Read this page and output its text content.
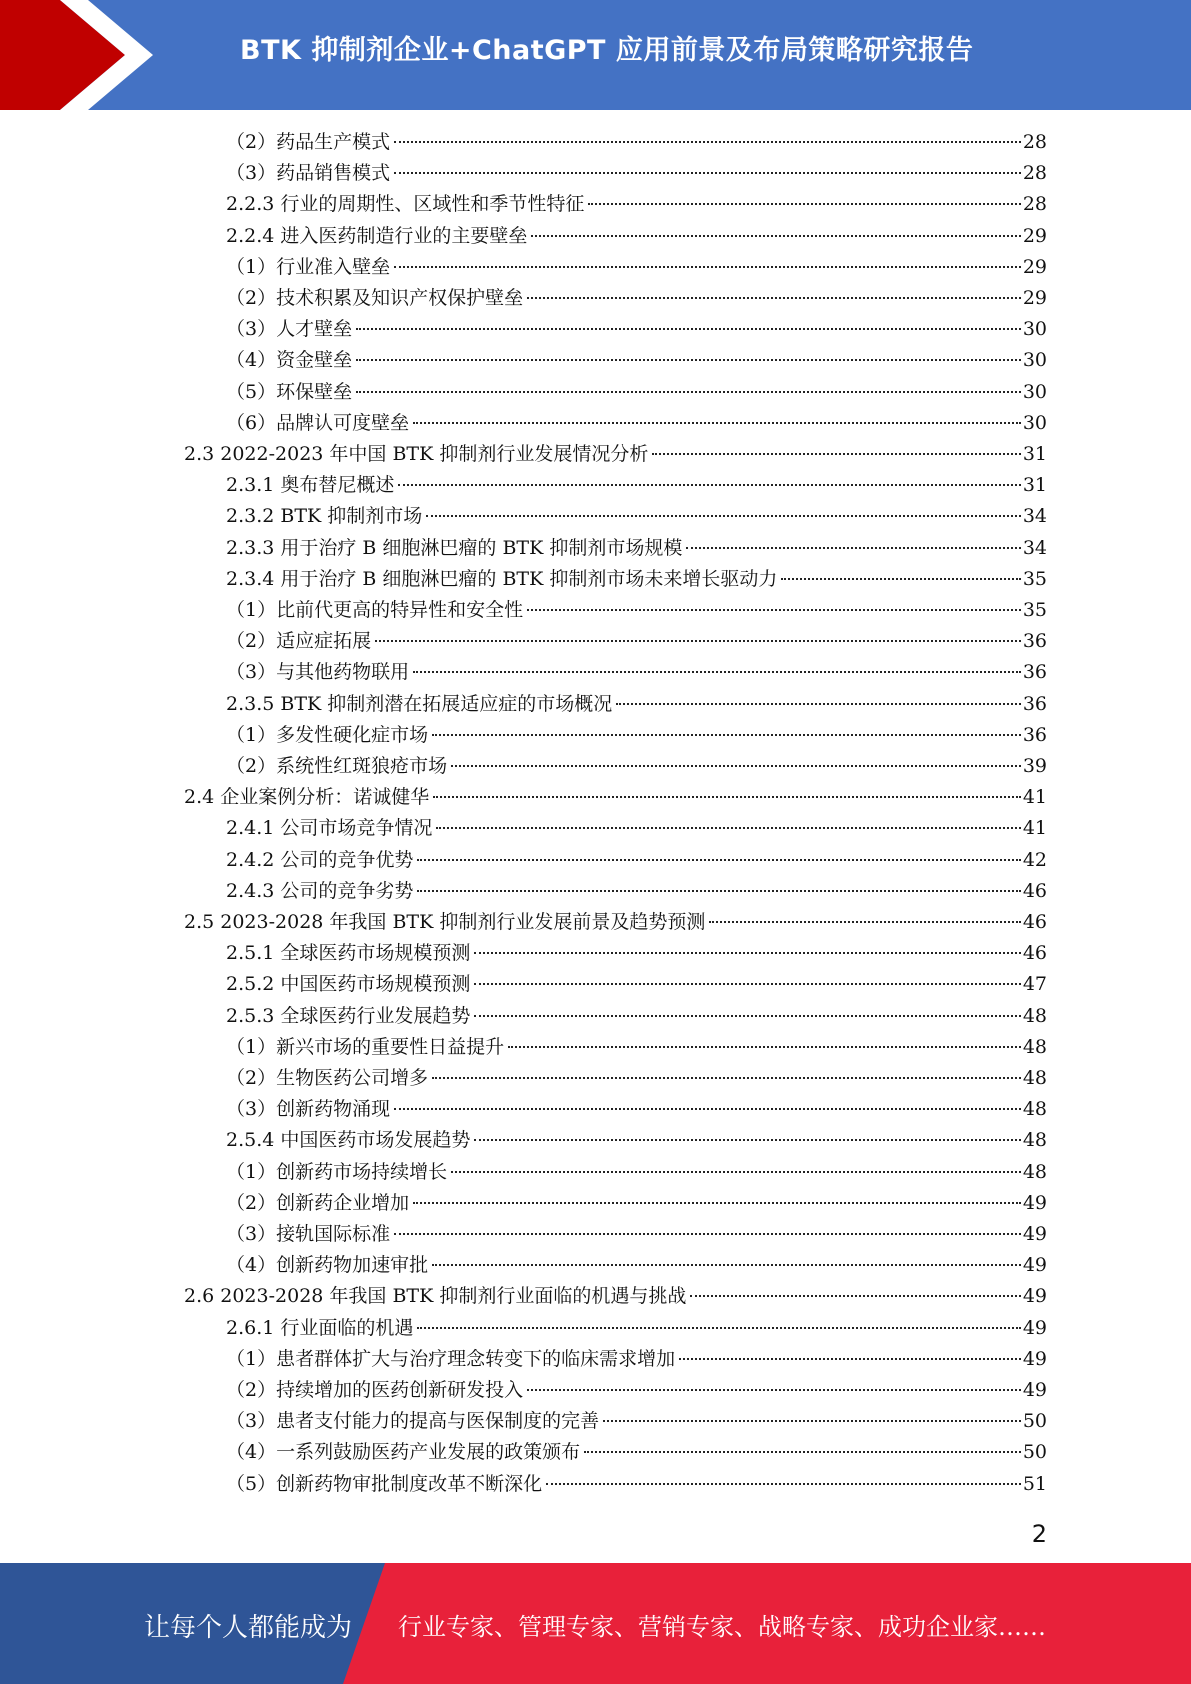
BTK 抑制剂企业+ChatGPT 应用前景及布局策略研究报告
（2）药品生产模式	28
（3）药品销售模式	28
2.2.3 行业的周期性、区域性和季节性特征	28
2.2.4 进入医药制造行业的主要壁垒	29
（1）行业准入壁垒	29
（2）技术积累及知识产权保护壁垒	29
（3）人才壁垒	30
（4）资金壁垒	30
（5）环保壁垒	30
（6）品牌认可度壁垒	30
2.3 2022-2023 年中国 BTK 抑制剂行业发展情况分析	31
2.3.1 奥布替尼概述	31
2.3.2 BTK 抑制剂市场	34
2.3.3 用于治疗 B 细胞淋巴瘤的 BTK 抑制剂市场规模	34
2.3.4 用于治疗 B 细胞淋巴瘤的 BTK 抑制剂市场未来增长驱动力	35
（1）比前代更高的特异性和安全性	35
（2）适应症拓展	36
（3）与其他药物联用	36
2.3.5 BTK 抑制剂潜在拓展适应症的市场概况	36
（1）多发性硬化症市场	36
（2）系统性红斑狼疮市场	39
2.4 企业案例分析：诺诚健华	41
2.4.1 公司市场竞争情况	41
2.4.2 公司的竞争优势	42
2.4.3 公司的竞争劣势	46
2.5 2023-2028 年我国 BTK 抑制剂行业发展前景及趋势预测	46
2.5.1 全球医药市场规模预测	46
2.5.2 中国医药市场规模预测	47
2.5.3 全球医药行业发展趋势	48
（1）新兴市场的重要性日益提升	48
（2）生物医药公司增多	48
（3）创新药物涌现	48
2.5.4 中国医药市场发展趋势	48
（1）创新药市场持续增长	48
（2）创新药企业增加	49
（3）接轨国际标准	49
（4）创新药物加速审批	49
2.6 2023-2028 年我国 BTK 抑制剂行业面临的机遇与挑战	49
2.6.1 行业面临的机遇	49
（1）患者群体扩大与治疗理念转变下的临床需求增加	49
（2）持续增加的医药创新研发投入	49
（3）患者支付能力的提高与医保制度的完善	50
（4）一系列鼓励医药产业发展的政策颁布	50
（5）创新药物审批制度改革不断深化	51
2
让每个人都能成为 行业专家、管理专家、营销专家、战略专家、成功企业家……
